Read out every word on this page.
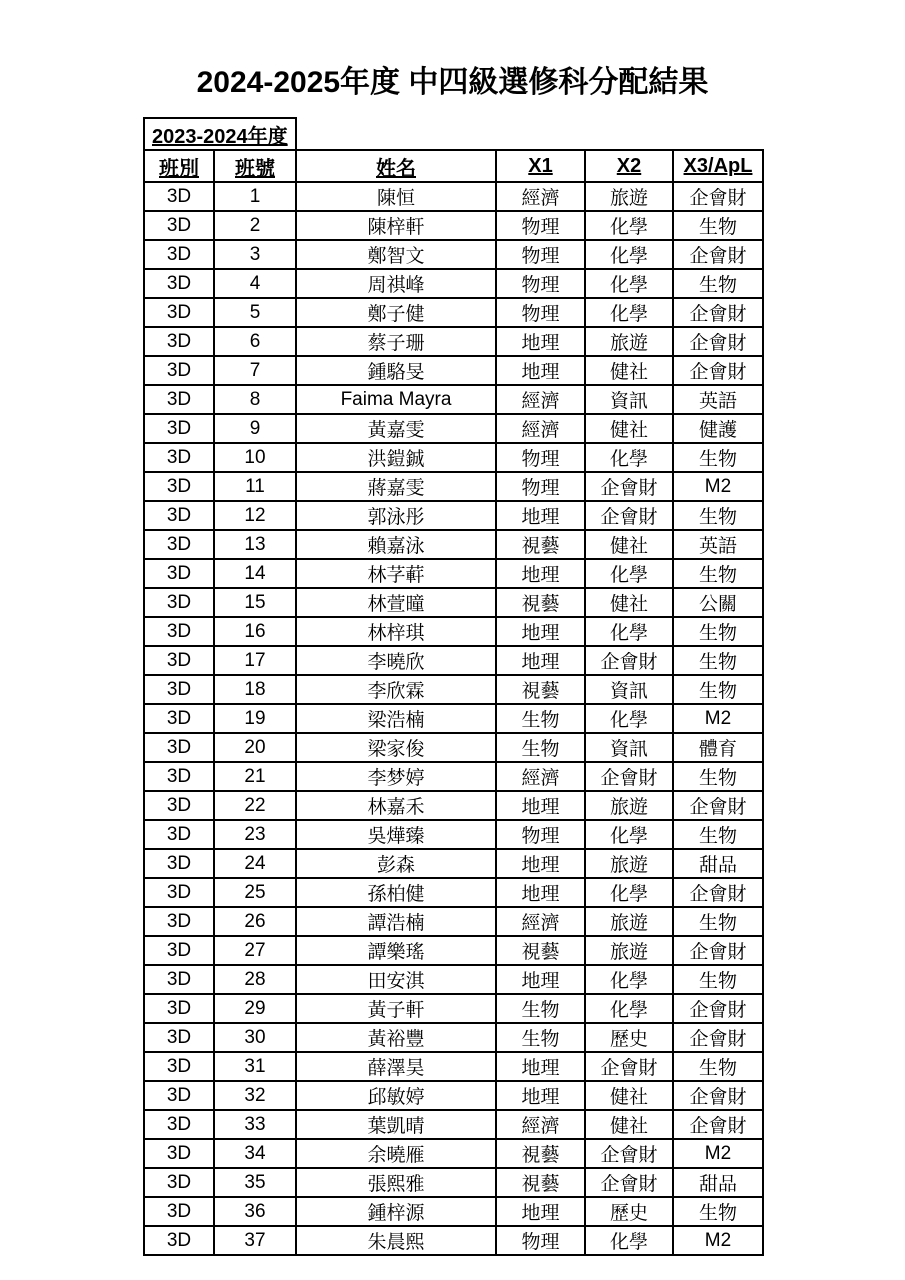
2024-2025年度 中四級選修科分配結果
2023-2024年度					
班別	班號	姓名	X1	X2	X3/ApL
3D	1	陳恒	經濟	旅遊	企會財
3D	2	陳梓軒	物理	化學	生物
3D	3	鄭智文	物理	化學	企會財
3D	4	周祺峰	物理	化學	生物
3D	5	鄭子健	物理	化學	企會財
3D	6	蔡子珊	地理	旅遊	企會財
3D	7	鍾駱旻	地理	健社	企會財
3D	8	Faima Mayra	經濟	資訊	英語
3D	9	黃嘉雯	經濟	健社	健護
3D	10	洪鎧鋮	物理	化學	生物
3D	11	蔣嘉雯	物理	企會財	M2
3D	12	郭泳彤	地理	企會財	生物
3D	13	賴嘉泳	視藝	健社	英語
3D	14	林芓蓒	地理	化學	生物
3D	15	林萱曈	視藝	健社	公關
3D	16	林梓琪	地理	化學	生物
3D	17	李曉欣	地理	企會財	生物
3D	18	李欣霖	視藝	資訊	生物
3D	19	梁浩楠	生物	化學	M2
3D	20	梁家俊	生物	資訊	體育
3D	21	李梦婷	經濟	企會財	生物
3D	22	林嘉禾	地理	旅遊	企會財
3D	23	吳燁臻	物理	化學	生物
3D	24	彭森	地理	旅遊	甜品
3D	25	孫柏健	地理	化學	企會財
3D	26	譚浩楠	經濟	旅遊	生物
3D	27	譚樂瑤	視藝	旅遊	企會財
3D	28	田安淇	地理	化學	生物
3D	29	黃子軒	生物	化學	企會財
3D	30	黃裕豐	生物	歷史	企會財
3D	31	薛澤昊	地理	企會財	生物
3D	32	邱敏婷	地理	健社	企會財
3D	33	葉凱晴	經濟	健社	企會財
3D	34	余曉雁	視藝	企會財	M2
3D	35	張熙雅	視藝	企會財	甜品
3D	36	鍾梓源	地理	歷史	生物
3D	37	朱晨熙	物理	化學	M2
